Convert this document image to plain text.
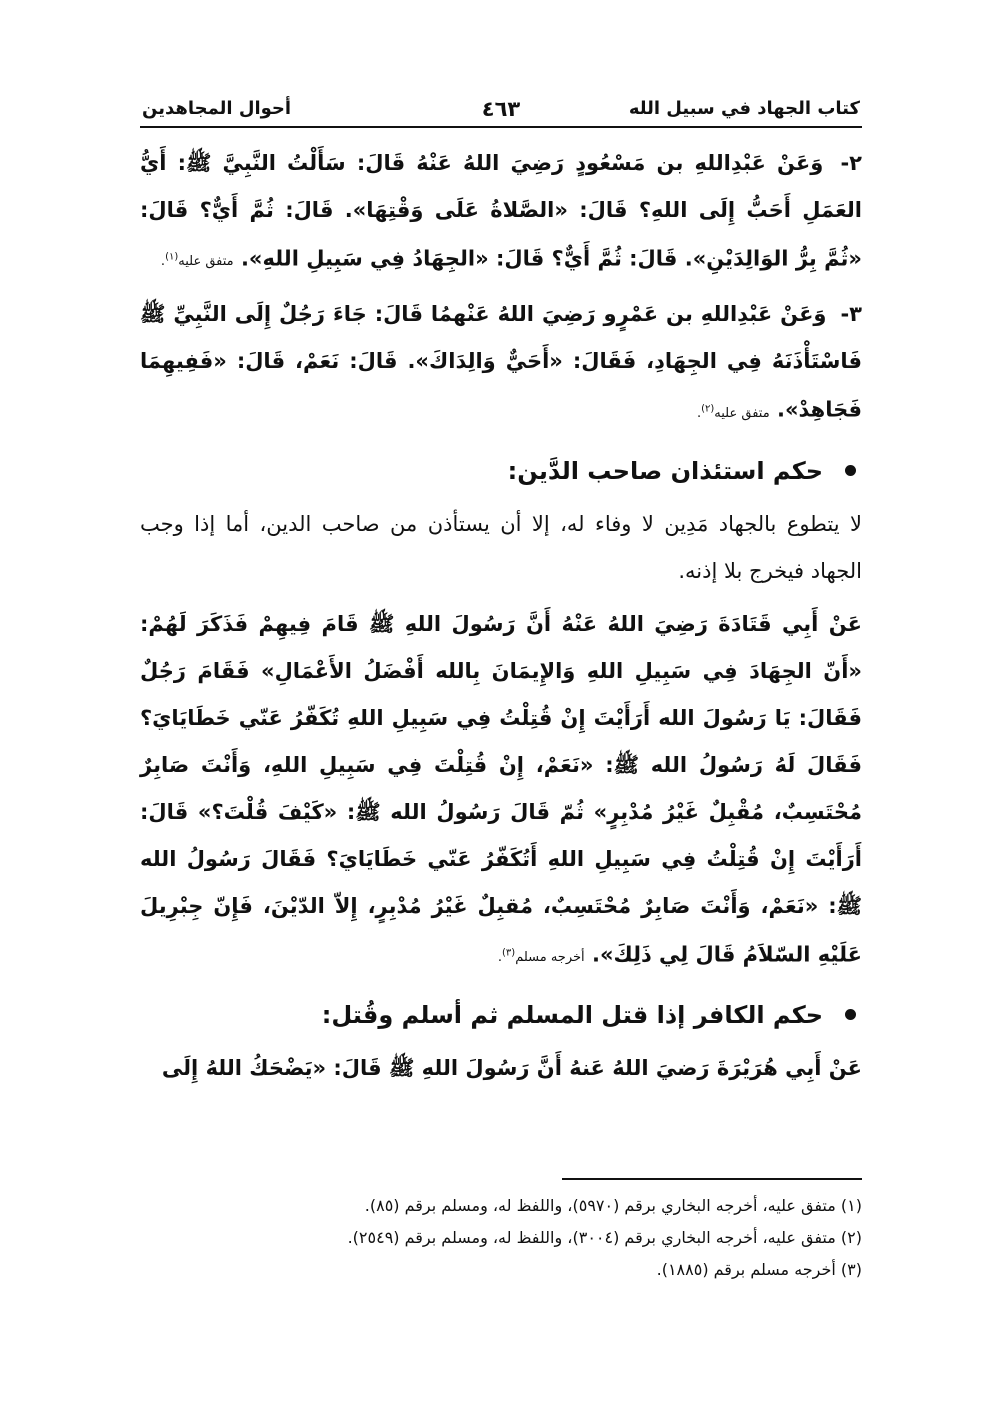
كتاب الجهاد في سبيل الله
٤٦٣
أحوال المجاهدين

٢- وَعَنْ عَبْدِاللهِ بن مَسْعُودٍ رَضِيَ اللهُ عَنْهُ قَالَ: سَأَلْتُ النَّبِيَّ ﷺ: أَيُّ العَمَلِ أَحَبُّ إِلَى اللهِ؟ قَالَ: «الصَّلاةُ عَلَى وَقْتِهَا». قَالَ: ثُمَّ أَيٌّ؟ قَالَ: «ثُمَّ بِرُّ الوَالِدَيْنِ». قَالَ: ثُمَّ أَيٌّ؟ قَالَ: «الجِهَادُ فِي سَبِيلِ اللهِ». متفق عليه$^{(١)}$.

٣- وَعَنْ عَبْدِاللهِ بن عَمْرٍو رَضِيَ اللهُ عَنْهمُا قَالَ: جَاءَ رَجُلٌ إِلَى النَّبِيِّ ﷺ فَاسْتَأْذَنَهُ فِي الجِهَادِ، فَقَالَ: «أَحَيٌّ وَالِدَاكَ». قَالَ: نَعَمْ، قَالَ: «فَفِيهِمَا فَجَاهِدْ». متفق عليه$^{(٢)}$.

حكم استئذان صاحب الدَّين:

لا يتطوع بالجهاد مَدِين لا وفاء له، إلا أن يستأذن من صاحب الدين، أما إذا وجب الجهاد فيخرج بلا إذنه.

عَنْ أَبِي قَتَادَةَ رَضِيَ اللهُ عَنْهُ أَنَّ رَسُولَ اللهِ ﷺ قَامَ فِيهِمْ فَذَكَرَ لَهُمْ: «أَنّ الجِهَادَ فِي سَبِيلِ اللهِ وَالإِيمَانَ بِالله أَفْضَلُ الأَعْمَالِ» فَقَامَ رَجُلٌ فَقَالَ: يَا رَسُولَ الله أَرَأَيْتَ إِنْ قُتِلْتُ فِي سَبِيلِ اللهِ تُكَفّرُ عَنّي خَطَايَايَ؟ فَقَالَ لَهُ رَسُولُ الله ﷺ: «نَعَمْ، إِنْ قُتِلْتَ فِي سَبِيلِ اللهِ، وَأَنْتَ صَابِرٌ مُحْتَسِبٌ، مُقْبِلٌ غَيْرُ مُدْبِرٍ» ثُمّ قَالَ رَسُولُ الله ﷺ: «كَيْفَ قُلْتَ؟» قَالَ: أَرَأَيْتَ إِنْ قُتِلْتُ فِي سَبِيلِ اللهِ أَتُكَفّرُ عَنّي خَطَايَايَ؟ فَقَالَ رَسُولُ الله ﷺ: «نَعَمْ، وَأَنْتَ صَابِرٌ مُحْتَسِبٌ، مُقبِلٌ غَيْرُ مُدْبِرٍ، إِلاّ الدّيْنَ، فَإِنّ جِبْرِيلَ عَلَيْهِ السّلاَمُ قَالَ لِي ذَلِكَ». أخرجه مسلم$^{(٣)}$.

حكم الكافر إذا قتل المسلم ثم أسلم وقُتل:

عَنْ أَبِي هُرَيْرَةَ رَضيَ اللهُ عَنهُ أَنَّ رَسُولَ اللهِ ﷺ قَالَ: «يَضْحَكُ اللهُ إِلَى

(١) متفق عليه، أخرجه البخاري برقم (٥٩٧٠)، واللفظ له، ومسلم برقم (٨٥).

(٢) متفق عليه، أخرجه البخاري برقم (٣٠٠٤)، واللفظ له، ومسلم برقم (٢٥٤٩).

(٣) أخرجه مسلم برقم (١٨٨٥).
